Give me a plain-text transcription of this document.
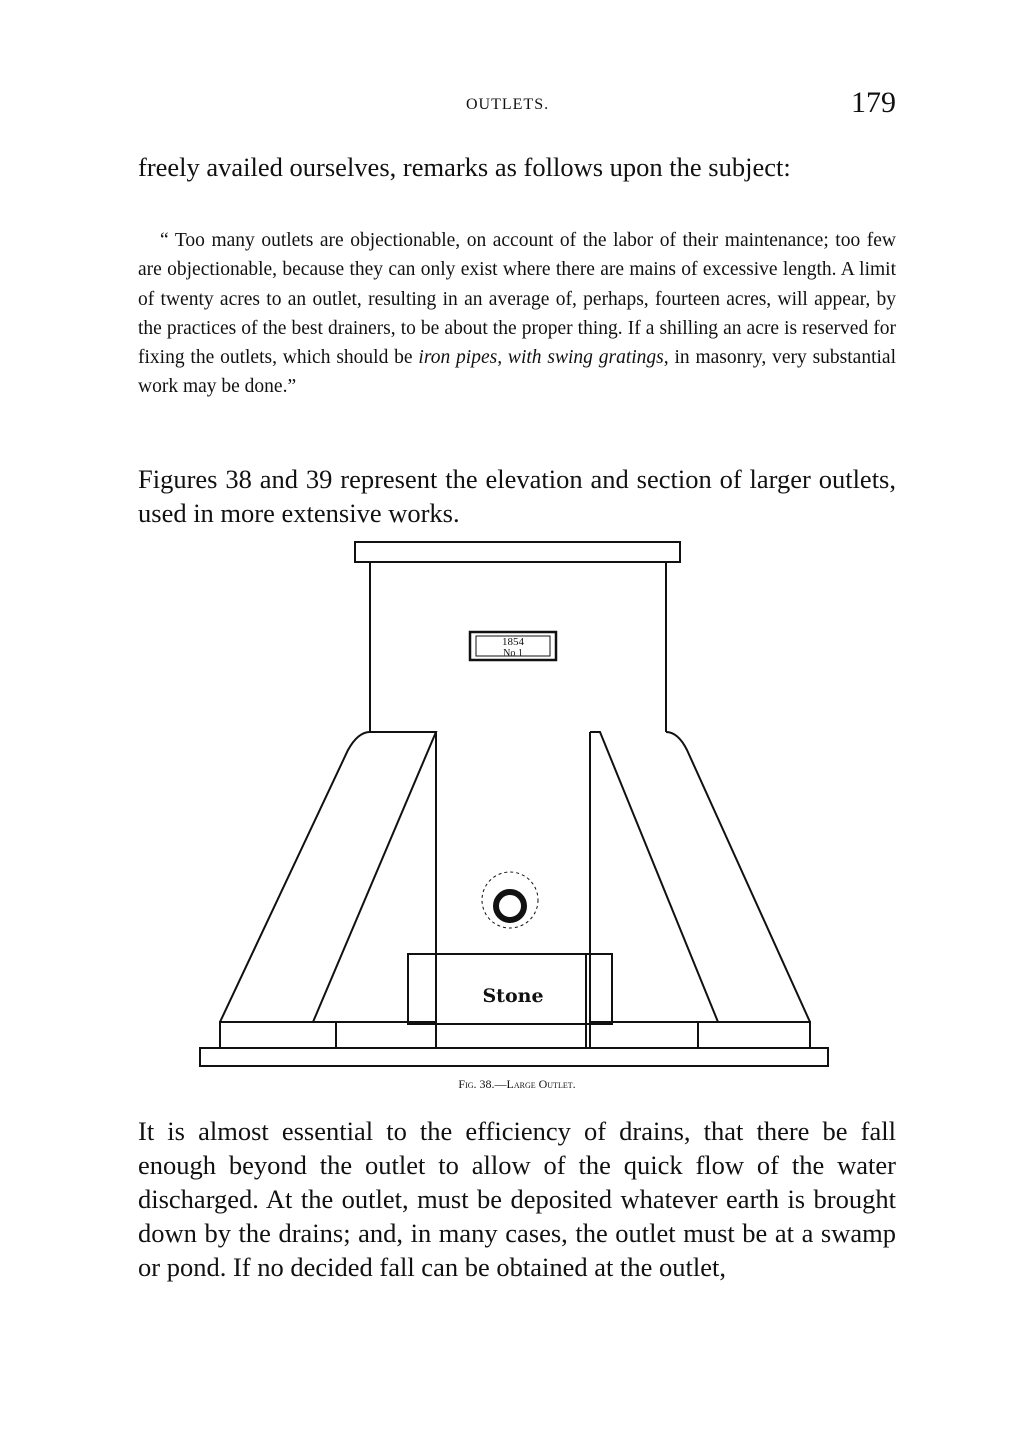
OUTLETS.	179

freely availed ourselves, remarks as follows upon the subject:

“ Too many outlets are objectionable, on account of the labor of their maintenance; too few are objectionable, because they can only exist where there are mains of excessive length. A limit of twenty acres to an outlet, resulting in an average of, perhaps, fourteen acres, will appear, by the practices of the best drainers, to be about the proper thing. If a shilling an acre is reserved for fixing the outlets, which should be iron pipes, with swing gratings, in masonry, very substantial work may be done.”

Figures 38 and 39 represent the elevation and section of larger outlets, used in more extensive works.

1854
No 1
Stone
Fig. 38.—Large Outlet.

It is almost essential to the efficiency of drains, that there be fall enough beyond the outlet to allow of the quick flow of the water discharged. At the outlet, must be deposited whatever earth is brought down by the drains; and, in many cases, the outlet must be at a swamp or pond. If no decided fall can be obtained at the outlet,
